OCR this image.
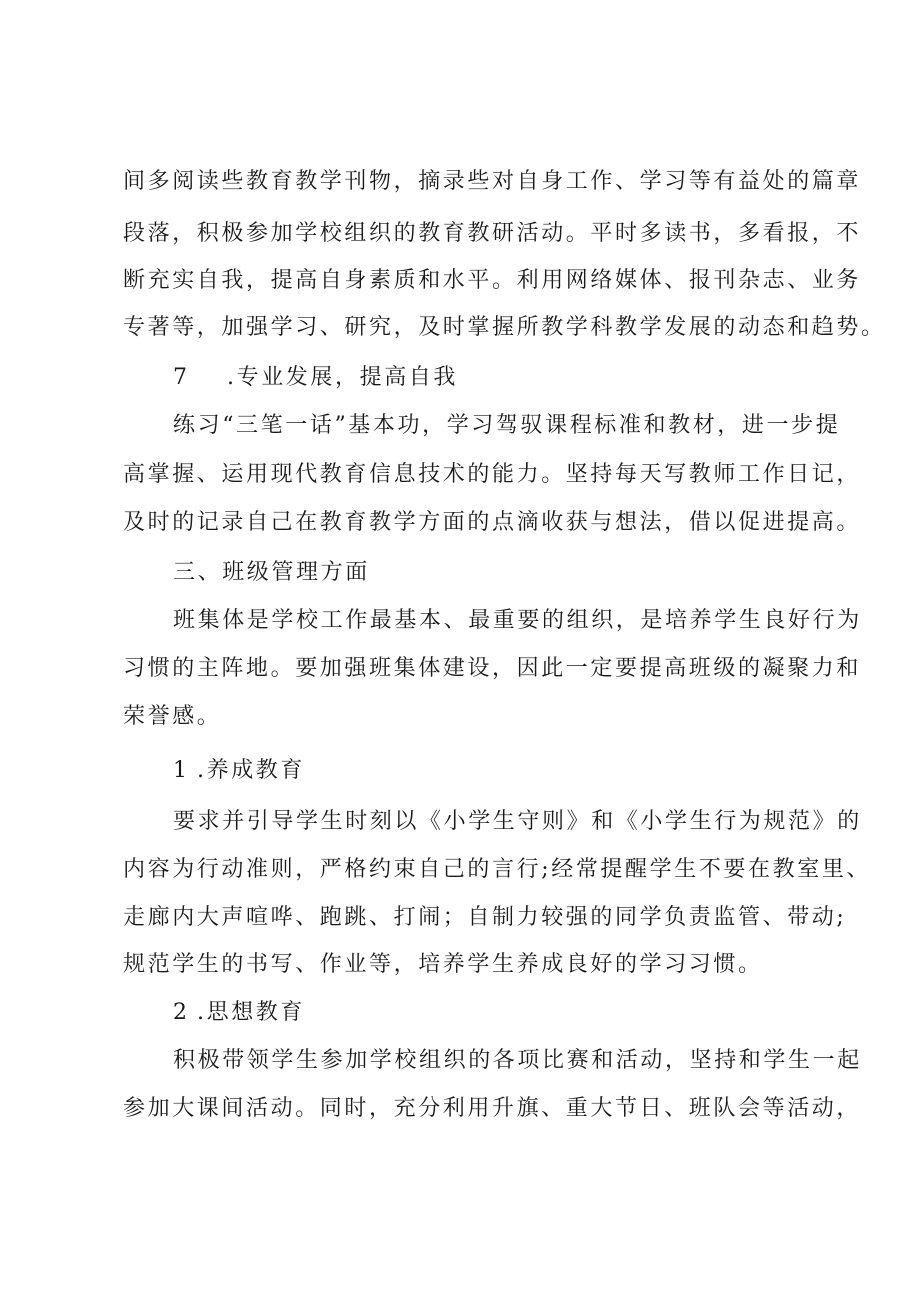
间多阅读些教育教学刊物，摘录些对自身工作、学习等有益处的篇章
段落，积极参加学校组织的教育教研活动。平时多读书，多看报，不
断充实自我，提高自身素质和水平。利用网络媒体、报刊杂志、业务
专著等，加强学习、研究，及时掌握所教学科教学发展的动态和趋势。
7 .专业发展，提高自我
练习“三笔一话”基本功，学习驾驭课程标准和教材，进一步提
高掌握、运用现代教育信息技术的能力。坚持每天写教师工作日记，
及时的记录自己在教育教学方面的点滴收获与想法，借以促进提高。
三、班级管理方面
班集体是学校工作最基本、最重要的组织，是培养学生良好行为
习惯的主阵地。要加强班集体建设，因此一定要提高班级的凝聚力和
荣誉感。
1 .养成教育
要求并引导学生时刻以《小学生守则》和《小学生行为规范》的
内容为行动准则，严格约束自己的言行;经常提醒学生不要在教室里、
走廊内大声喧哗、跑跳、打闹；自制力较强的同学负责监管、带动;
规范学生的书写、作业等，培养学生养成良好的学习习惯。
2 .思想教育
积极带领学生参加学校组织的各项比赛和活动，坚持和学生一起
参加大课间活动。同时，充分利用升旗、重大节日、班队会等活动，
